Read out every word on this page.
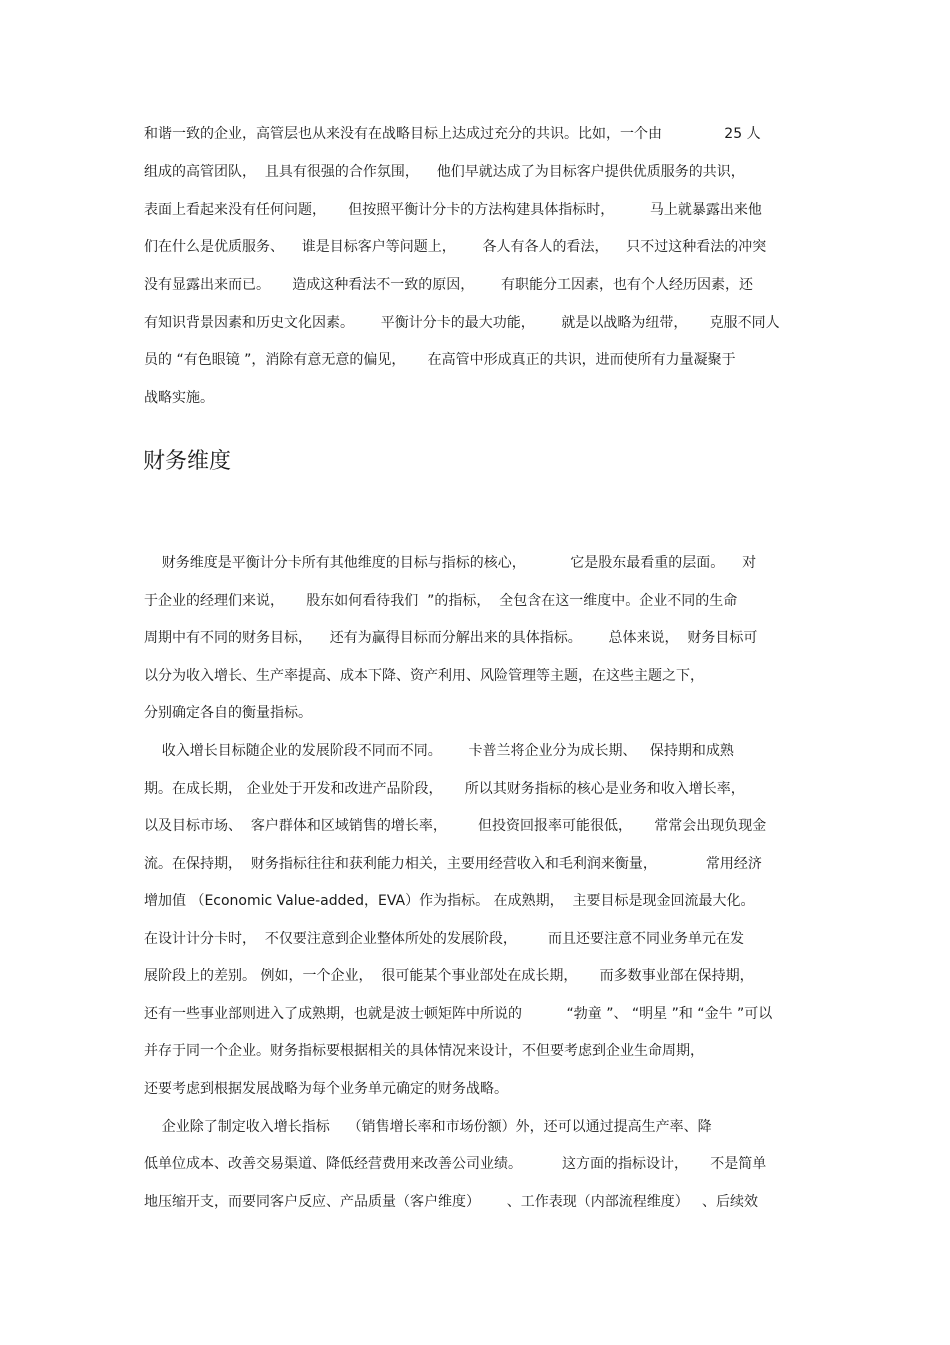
和谐一致的企业，高管层也从来没有在战略目标上达成过充分的共识。比如，一个由              25 人
组成的高管团队，  且具有很强的合作氛围，    他们早就达成了为目标客户提供优质服务的共识，
表面上看起来没有任何问题，     但按照平衡计分卡的方法构建具体指标时，        马上就暴露出来他
们在什么是优质服务、    谁是目标客户等问题上，      各人有各人的看法，    只不过这种看法的冲突
没有显露出来而已。     造成这种看法不一致的原因，      有职能分工因素，也有个人经历因素，还
有知识背景因素和历史文化因素。      平衡计分卡的最大功能，      就是以战略为纽带，     克服不同人
员的 “有色眼镜 ”，消除有意无意的偏见，     在高管中形成真正的共识，进而使所有力量凝聚于
战略实施。
财务维度
财务维度是平衡计分卡所有其他维度的目标与指标的核心，          它是股东最看重的层面。    对
于企业的经理们来说，     股东如何看待我们  ”的指标，  全包含在这一维度中。企业不同的生命
周期中有不同的财务目标，    还有为赢得目标而分解出来的具体指标。      总体来说，  财务目标可
以分为收入增长、生产率提高、成本下降、资产利用、风险管理等主题，在这些主题之下，
分别确定各自的衡量指标。
收入增长目标随企业的发展阶段不同而不同。      卡普兰将企业分为成长期、   保持期和成熟
期。在成长期， 企业处于开发和改进产品阶段，     所以其财务指标的核心是业务和收入增长率，
以及目标市场、  客户群体和区域销售的增长率，       但投资回报率可能很低，     常常会出现负现金
流。在保持期，  财务指标往往和获利能力相关，主要用经营收入和毛利润来衡量，           常用经济
增加值 （Economic Value-added，EVA）作为指标。 在成熟期，  主要目标是现金回流最大化。
在设计计分卡时，  不仅要注意到企业整体所处的发展阶段，       而且还要注意不同业务单元在发
展阶段上的差别。 例如，一个企业，  很可能某个事业部处在成长期，     而多数事业部在保持期，
还有一些事业部则进入了成熟期，也就是波士顿矩阵中所说的          “勃童 ”、 “明星 ”和 “金牛 ”可以
并存于同一个企业。财务指标要根据相关的具体情况来设计，不但要考虑到企业生命周期，
还要考虑到根据发展战略为每个业务单元确定的财务战略。
企业除了制定收入增长指标    （销售增长率和市场份额）外，还可以通过提高生产率、降
低单位成本、改善交易渠道、降低经营费用来改善公司业绩。         这方面的指标设计，     不是简单
地压缩开支，而要同客户反应、产品质量（客户维度）      、工作表现（内部流程维度）   、后续效
